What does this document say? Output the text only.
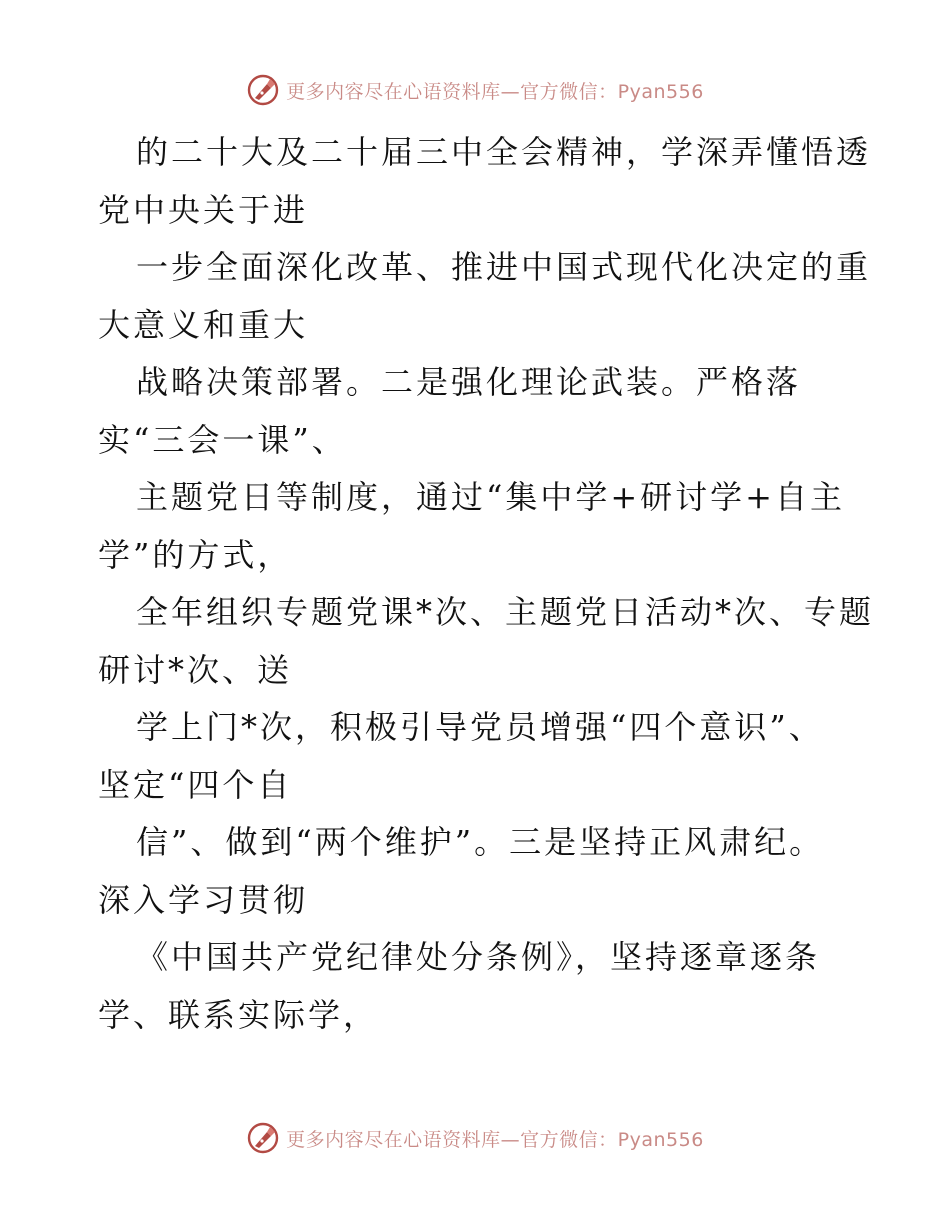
更多内容尽在心语资料库—官方微信：Pyan556

的二十大及二十届三中全会精神，学深弄懂悟透

党中央关于进

一步全面深化改革、推进中国式现代化决定的重

大意义和重大

战略决策部署。二是强化理论武装。严格落

实“三会一课”、

主题党日等制度，通过“集中学+研讨学+自主

学”的方式，

全年组织专题党课*次、主题党日活动*次、专题

研讨*次、送

学上门*次，积极引导党员增强“四个意识”、

坚定“四个自

信”、做到“两个维护”。三是坚持正风肃纪。

深入学习贯彻

《中国共产党纪律处分条例》，坚持逐章逐条

学、联系实际学，

更多内容尽在心语资料库—官方微信：Pyan556
